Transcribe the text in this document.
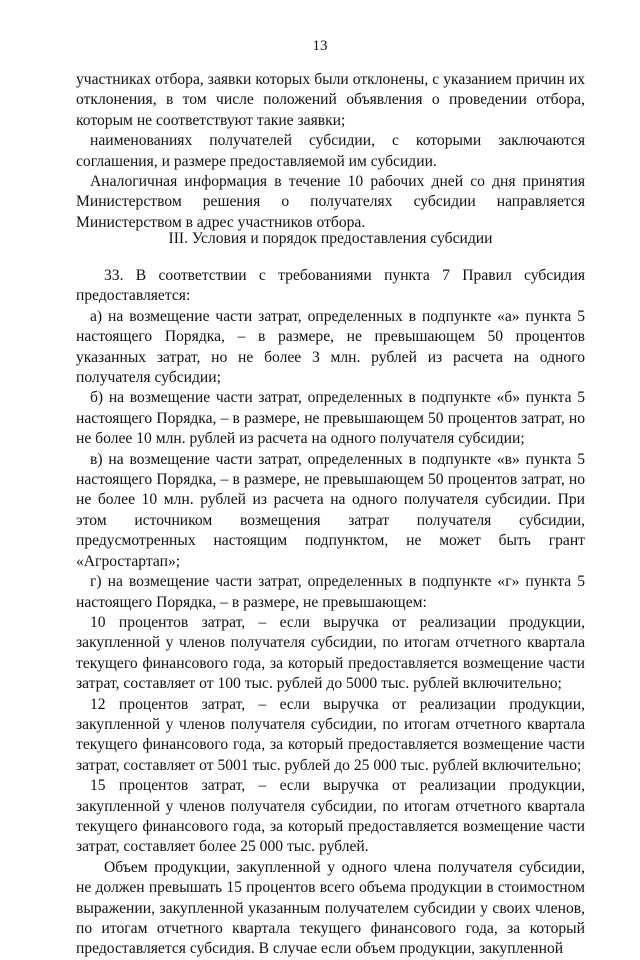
13

участниках отбора, заявки которых были отклонены, с указанием причин их отклонения, в том числе положений объявления о проведении отбора, которым не соответствуют такие заявки;

наименованиях получателей субсидии, с которыми заключаются соглашения, и размере предоставляемой им субсидии.

Аналогичная информация в течение 10 рабочих дней со дня принятия Министерством решения о получателях субсидии направляется Министерством в адрес участников отбора.

III. Условия и порядок предоставления субсидии

33. В соответствии с требованиями пункта 7 Правил субсидия предоставляется:

а) на возмещение части затрат, определенных в подпункте «а» пункта 5 настоящего Порядка, – в размере, не превышающем 50 процентов указанных затрат, но не более 3 млн. рублей из расчета на одного получателя субсидии;

б) на возмещение части затрат, определенных в подпункте «б» пункта 5 настоящего Порядка, – в размере, не превышающем 50 процентов затрат, но не более 10 млн. рублей из расчета на одного получателя субсидии;

в) на возмещение части затрат, определенных в подпункте «в» пункта 5 настоящего Порядка, – в размере, не превышающем 50 процентов затрат, но не более 10 млн. рублей из расчета на одного получателя субсидии. При этом источником возмещения затрат получателя субсидии, предусмотренных настоящим подпунктом, не может быть грант «Агростартап»;

г) на возмещение части затрат, определенных в подпункте «г» пункта 5 настоящего Порядка, – в размере, не превышающем:

10 процентов затрат, – если выручка от реализации продукции, закупленной у членов получателя субсидии, по итогам отчетного квартала текущего финансового года, за который предоставляется возмещение части затрат, составляет от 100 тыс. рублей до 5000 тыс. рублей включительно;

12 процентов затрат, – если выручка от реализации продукции, закупленной у членов получателя субсидии, по итогам отчетного квартала текущего финансового года, за который предоставляется возмещение части затрат, составляет от 5001 тыс. рублей до 25 000 тыс. рублей включительно;

15 процентов затрат, – если выручка от реализации продукции, закупленной у членов получателя субсидии, по итогам отчетного квартала текущего финансового года, за который предоставляется возмещение части затрат, составляет более 25 000 тыс. рублей.

Объем продукции, закупленной у одного члена получателя субсидии, не должен превышать 15 процентов всего объема продукции в стоимостном выражении, закупленной указанным получателем субсидии у своих членов, по итогам отчетного квартала текущего финансового года, за который предоставляется субсидия. В случае если объем продукции, закупленной
